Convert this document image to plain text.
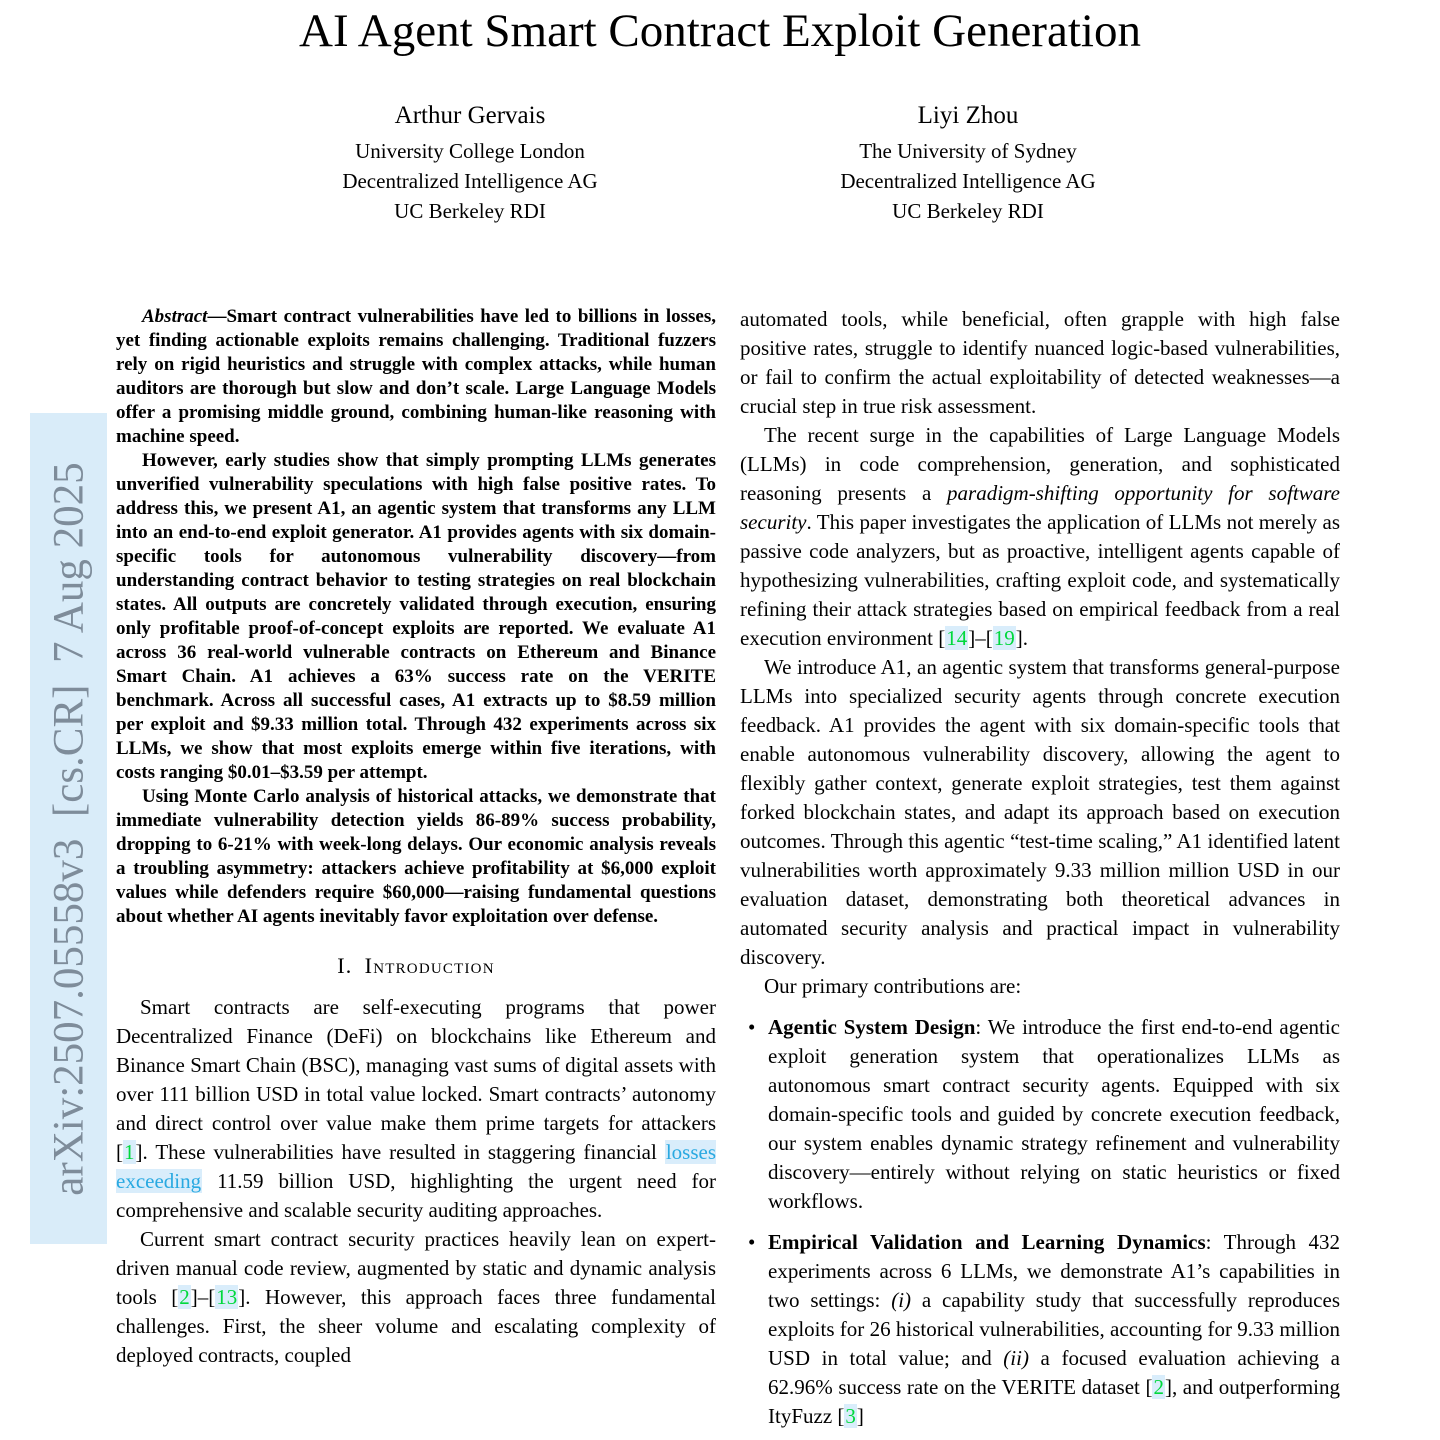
arXiv:2507.05558v3  [cs.CR]  7 Aug 2025
AI Agent Smart Contract Exploit Generation
Arthur Gervais
University College London
Decentralized Intelligence AG
UC Berkeley RDI
Liyi Zhou
The University of Sydney
Decentralized Intelligence AG
UC Berkeley RDI

Abstract—Smart contract vulnerabilities have led to billions in losses, yet finding actionable exploits remains challenging. Traditional fuzzers rely on rigid heuristics and struggle with complex attacks, while human auditors are thorough but slow and don’t scale. Large Language Models offer a promising middle ground, combining human-like reasoning with machine speed.

However, early studies show that simply prompting LLMs generates unverified vulnerability speculations with high false positive rates. To address this, we present A1, an agentic system that transforms any LLM into an end-to-end exploit generator. A1 provides agents with six domain-specific tools for autonomous vulnerability discovery—from understanding contract behavior to testing strategies on real blockchain states. All outputs are concretely validated through execution, ensuring only profitable proof-of-concept exploits are reported. We evaluate A1 across 36 real-world vulnerable contracts on Ethereum and Binance Smart Chain. A1 achieves a 63% success rate on the VERITE benchmark. Across all successful cases, A1 extracts up to $8.59 million per exploit and $9.33 million total. Through 432 experiments across six LLMs, we show that most exploits emerge within five iterations, with costs ranging $0.01–$3.59 per attempt.

Using Monte Carlo analysis of historical attacks, we demonstrate that immediate vulnerability detection yields 86-89% success probability, dropping to 6-21% with week-long delays. Our economic analysis reveals a troubling asymmetry: attackers achieve profitability at $6,000 exploit values while defenders require $60,000—raising fundamental questions about whether AI agents inevitably favor exploitation over defense.

I. Introduction

Smart contracts are self-executing programs that power Decentralized Finance (DeFi) on blockchains like Ethereum and Binance Smart Chain (BSC), managing vast sums of digital assets with over 111 billion USD in total value locked. Smart contracts’ autonomy and direct control over value make them prime targets for attackers [1]. These vulnerabilities have resulted in staggering financial losses exceeding 11.59 billion USD, highlighting the urgent need for comprehensive and scalable security auditing approaches.

Current smart contract security practices heavily lean on expert-driven manual code review, augmented by static and dynamic analysis tools [2]–[13]. However, this approach faces three fundamental challenges. First, the sheer volume and escalating complexity of deployed contracts, coupled

automated tools, while beneficial, often grapple with high false positive rates, struggle to identify nuanced logic-based vulnerabilities, or fail to confirm the actual exploitability of detected weaknesses—a crucial step in true risk assessment.

The recent surge in the capabilities of Large Language Models (LLMs) in code comprehension, generation, and sophisticated reasoning presents a paradigm-shifting opportunity for software security. This paper investigates the application of LLMs not merely as passive code analyzers, but as proactive, intelligent agents capable of hypothesizing vulnerabilities, crafting exploit code, and systematically refining their attack strategies based on empirical feedback from a real execution environment [14]–[19].

We introduce A1, an agentic system that transforms general-purpose LLMs into specialized security agents through concrete execution feedback. A1 provides the agent with six domain-specific tools that enable autonomous vulnerability discovery, allowing the agent to flexibly gather context, generate exploit strategies, test them against forked blockchain states, and adapt its approach based on execution outcomes. Through this agentic “test-time scaling,” A1 identified latent vulnerabilities worth approximately 9.33 million million USD in our evaluation dataset, demonstrating both theoretical advances in automated security analysis and practical impact in vulnerability discovery.

Our primary contributions are:

• Agentic System Design: We introduce the first end-to-end agentic exploit generation system that operationalizes LLMs as autonomous smart contract security agents. Equipped with six domain-specific tools and guided by concrete execution feedback, our system enables dynamic strategy refinement and vulnerability discovery—entirely without relying on static heuristics or fixed workflows.
• Empirical Validation and Learning Dynamics: Through 432 experiments across 6 LLMs, we demonstrate A1’s capabilities in two settings: (i) a capability study that successfully reproduces exploits for 26 historical vulnerabilities, accounting for 9.33 million USD in total value; and (ii) a focused evaluation achieving a 62.96% success rate on the VERITE dataset [2], and outperforming ItyFuzz [3]
